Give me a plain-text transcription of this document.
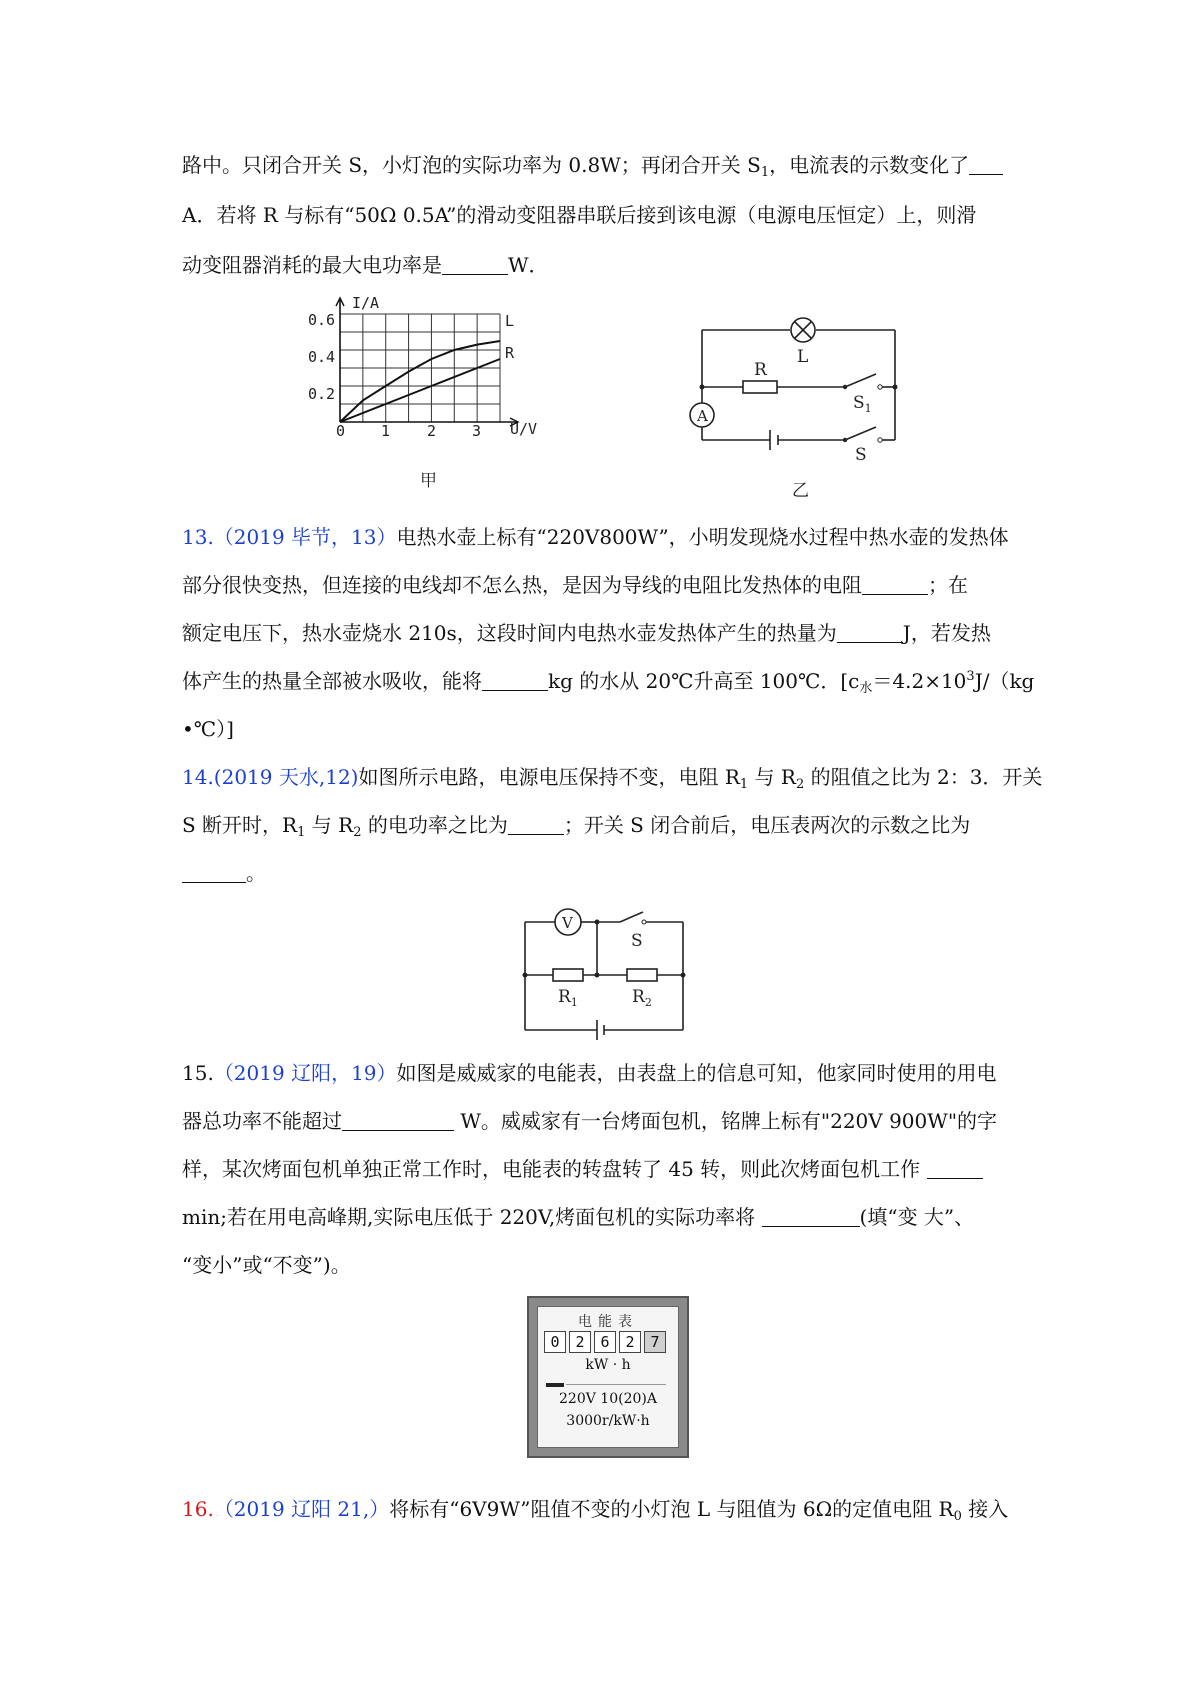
路中。只闭合开关 S，小灯泡的实际功率为 0.8W；再闭合开关 $S_1$，电流表的示数变化了
A．若将 R 与标有“50Ω 0.5A”的滑动变阻器串联后接到该电源（电源电压恒定）上，则滑
动变阻器消耗的最大电功率是	W．
0.6
0.4
0.2
0 1 2 3
I/A
U/V
L
R
甲
L
R
A
$S_1$
S
乙
13.（2019 毕节，13）电热水壶上标有“220V800W”，小明发现烧水过程中热水壶的发热体
部分很快变热，但连接的电线却不怎么热，是因为导线的电阻比发热体的电阻	；在
额定电压下，热水壶烧水 210s，这段时间内电热水壶发热体产生的热量为	J，若发热
体产生的热量全部被水吸收，能将	kg 的水从 20℃升高至 100℃．[$c_水=4.2\times 10^3J/(kg$
•℃）]
14.(2019 天水,12)如图所示电路，电源电压保持不变，电阻 $R_1$ 与 $R_2$ 的阻值之比为 2：3．开关
S 断开时，$R_1$ 与 $R_2$ 的电功率之比为	；开关 S 闭合前后，电压表两次的示数之比为
。
V
S
$R_1$	$R_2$
15.（2019 辽阳，19）如图是威威家的电能表，由表盘上的信息可知，他家同时使用的用电
器总功率不能超过	W。威威家有一台烤面包机，铭牌上标有"220V 900W"的字
样，某次烤面包机单独正常工作时，电能表的转盘转了 45 转，则此次烤面包机工作
min;若在用电高峰期,实际电压低于 220V,烤面包机的实际功率将	(填“变 大”、
“变小”或“不变”)。
电能表
0	2	6	2	7
kW · h
220V 10(20)A
3000r/kW·h
16.（2019 辽阳 21,）将标有“6V9W”阻值不变的小灯泡 L 与阻值为 6Ω的定值电阻 $R_0$ 接入
